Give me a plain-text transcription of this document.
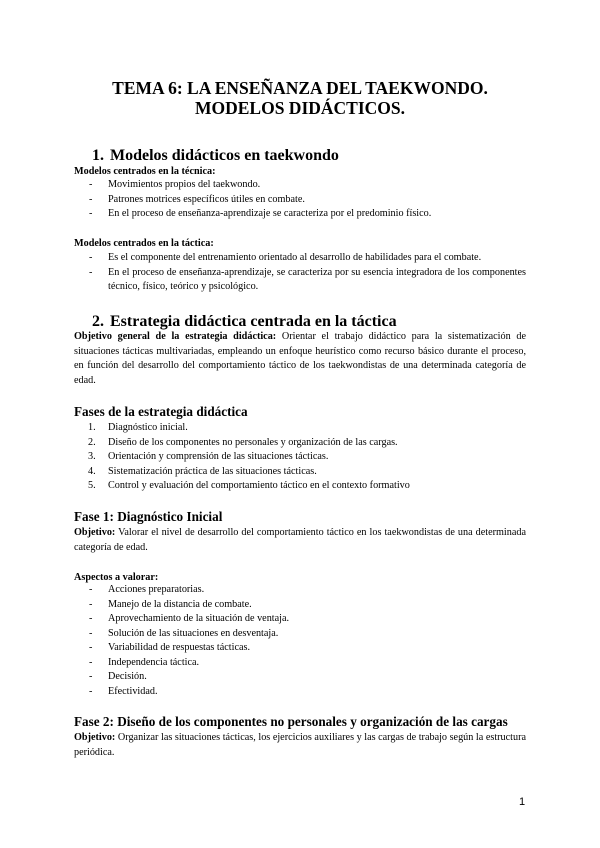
TEMA 6: LA ENSEÑANZA DEL TAEKWONDO.
MODELOS DIDÁCTICOS.
1. Modelos didácticos en taekwondo
Modelos centrados en la técnica:
- Movimientos propios del taekwondo.
- Patrones motrices específicos útiles en combate.
- En el proceso de enseñanza-aprendizaje se caracteriza por el predominio físico.
Modelos centrados en la táctica:
- Es el componente del entrenamiento orientado al desarrollo de habilidades para el combate.
- En el proceso de enseñanza-aprendizaje, se caracteriza por su esencia integradora de los componentes técnico, físico, teórico y psicológico.
2. Estrategia didáctica centrada en la táctica
Objetivo general de la estrategia didáctica: Orientar el trabajo didáctico para la sistematización de situaciones tácticas multivariadas, empleando un enfoque heurístico como recurso básico durante el proceso, en función del desarrollo del comportamiento táctico de los taekwondistas de una determinada categoría de edad.
Fases de la estrategia didáctica
1. Diagnóstico inicial.
2. Diseño de los componentes no personales y organización de las cargas.
3. Orientación y comprensión de las situaciones tácticas.
4. Sistematización práctica de las situaciones tácticas.
5. Control y evaluación del comportamiento táctico en el contexto formativo
Fase 1: Diagnóstico Inicial
Objetivo: Valorar el nivel de desarrollo del comportamiento táctico en los taekwondistas de una determinada categoría de edad.
Aspectos a valorar:
- Acciones preparatorias.
- Manejo de la distancia de combate.
- Aprovechamiento de la situación de ventaja.
- Solución de las situaciones en desventaja.
- Variabilidad de respuestas tácticas.
- Independencia táctica.
- Decisión.
- Efectividad.
Fase 2: Diseño de los componentes no personales y organización de las cargas
Objetivo: Organizar las situaciones tácticas, los ejercicios auxiliares y las cargas de trabajo según la estructura periódica.
1
